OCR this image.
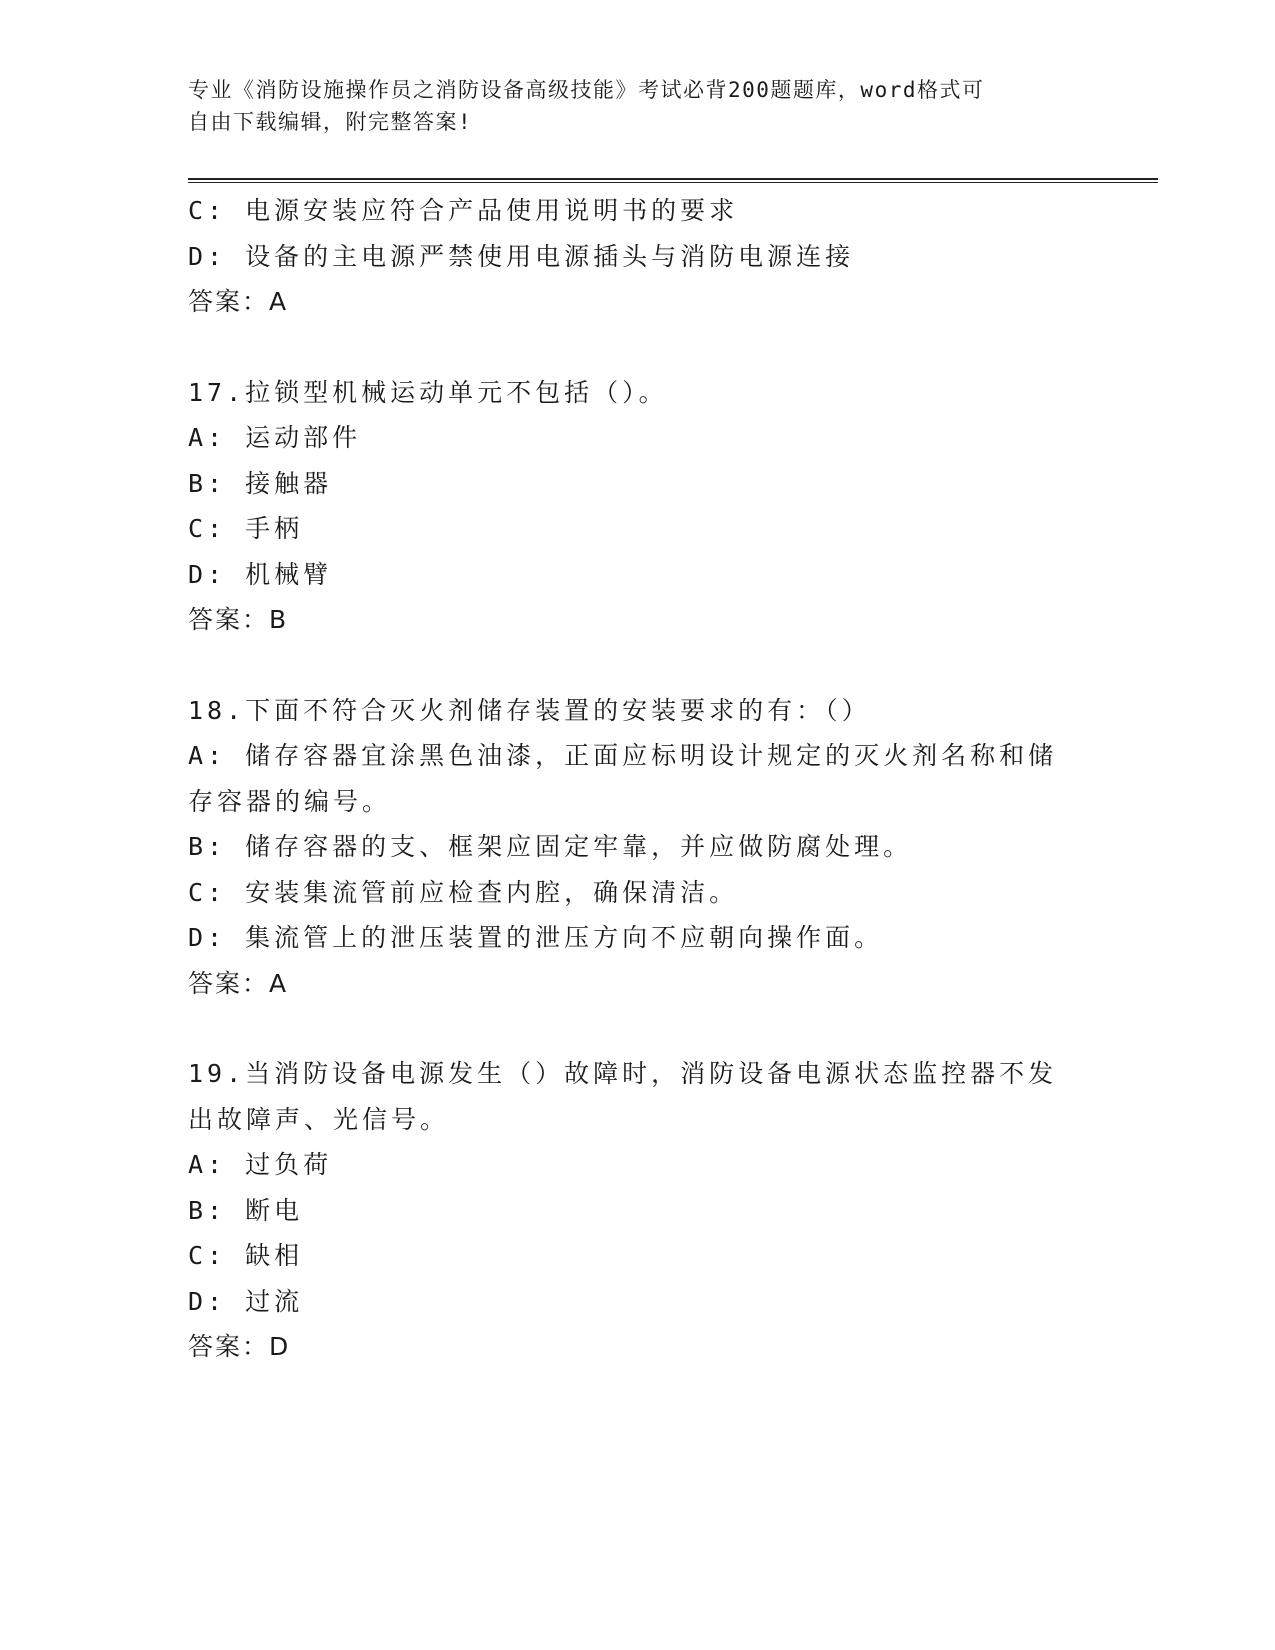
专业《消防设施操作员之消防设备高级技能》考试必背200题题库，word格式可
自由下载编辑，附完整答案!
C: 电源安装应符合产品使用说明书的要求
D: 设备的主电源严禁使用电源插头与消防电源连接
答案：A
17.拉锁型机械运动单元不包括（）。
A: 运动部件
B: 接触器
C: 手柄
D: 机械臂
答案：B
18.下面不符合灭火剂储存装置的安装要求的有：（）
A: 储存容器宜涂黑色油漆，正面应标明设计规定的灭火剂名称和储存容器的编号。
B: 储存容器的支、框架应固定牢靠，并应做防腐处理。
C: 安装集流管前应检查内腔，确保清洁。
D: 集流管上的泄压装置的泄压方向不应朝向操作面。
答案：A
19.当消防设备电源发生（）故障时，消防设备电源状态监控器不发出故障声、光信号。
A: 过负荷
B: 断电
C: 缺相
D: 过流
答案：D
